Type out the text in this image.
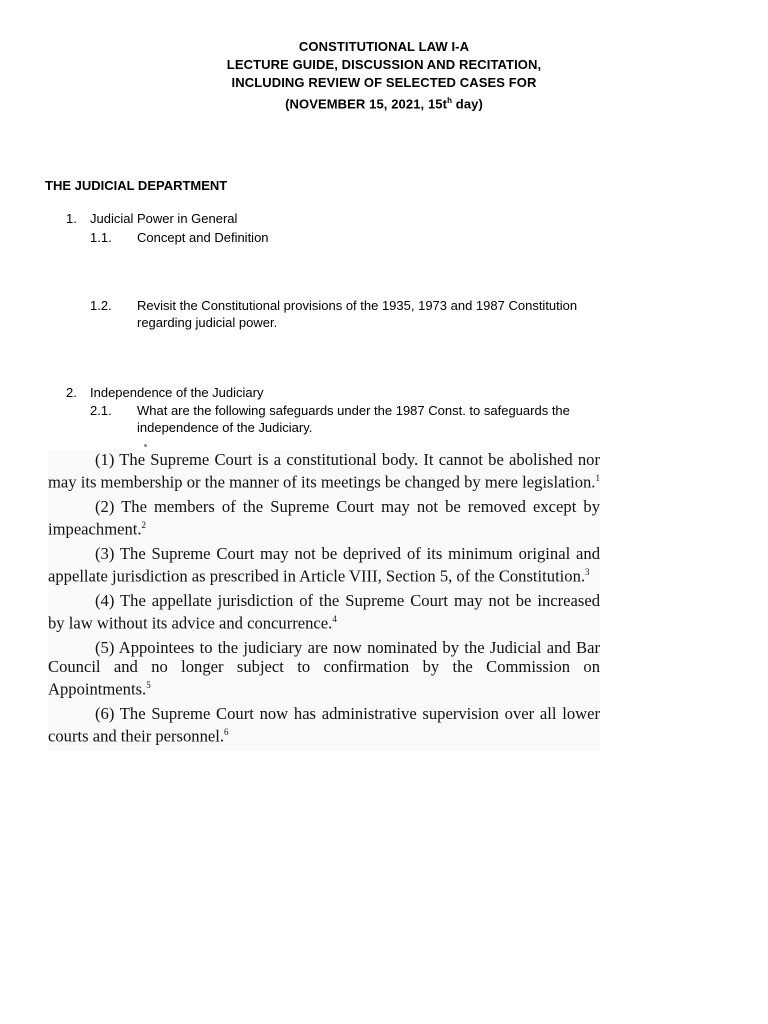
CONSTITUTIONAL LAW I-A
LECTURE GUIDE, DISCUSSION AND RECITATION,
INCLUDING REVIEW OF SELECTED CASES FOR
(NOVEMBER 15, 2021, $15t^h$ day)
THE JUDICIAL DEPARTMENT
1. Judicial Power in General
1.1. Concept and Definition
1.2. Revisit the Constitutional provisions of the 1935, 1973 and 1987 Constitution
regarding judicial power.
2. Independence of the Judiciary
2.1. What are the following safeguards under the 1987 Const. to safeguards the
independence of the Judiciary.

(1) The Supreme Court is a constitutional body. It cannot be abolished nor may its membership or the manner of its meetings be changed by mere legislation.$^1$

(2) The members of the Supreme Court may not be removed except by impeachment.$^2$

(3) The Supreme Court may not be deprived of its minimum original and appellate jurisdiction as prescribed in Article VIII, Section 5, of the Constitution.$^3$

(4) The appellate jurisdiction of the Supreme Court may not be increased by law without its advice and concurrence.$^4$

(5) Appointees to the judiciary are now nominated by the Judicial and Bar Council and no longer subject to confirmation by the Commission on Appointments.$^5$

(6) The Supreme Court now has administrative supervision over all lower courts and their personnel.$^6$
